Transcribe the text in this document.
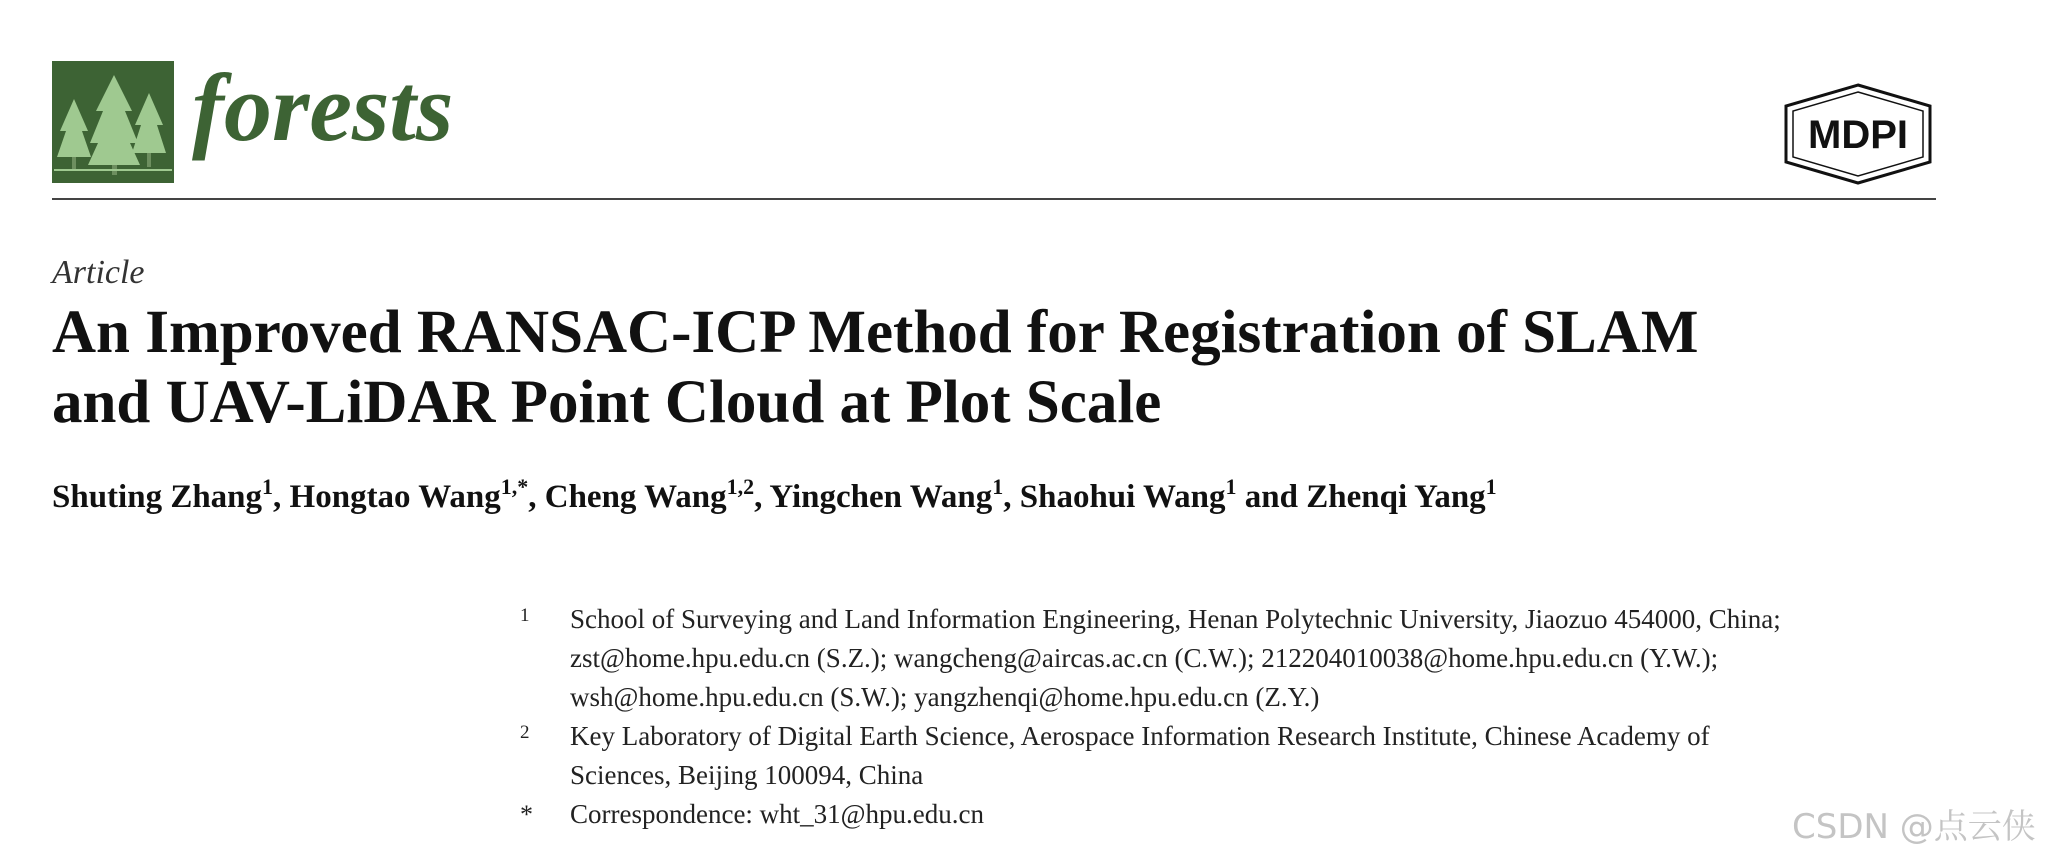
forests	MDPI
Article
An Improved RANSAC-ICP Method for Registration of SLAM
and UAV-LiDAR Point Cloud at Plot Scale
Shuting Zhang$^1$, Hongtao Wang$^{1,*}$, Cheng Wang$^{1,2}$, Yingchen Wang$^1$, Shaohui Wang$^1$ and Zhenqi Yang$^1$
1 School of Surveying and Land Information Engineering, Henan Polytechnic University, Jiaozuo 454000, China;
zst@home.hpu.edu.cn (S.Z.); wangcheng@aircas.ac.cn (C.W.); 212204010038@home.hpu.edu.cn (Y.W.);
wsh@home.hpu.edu.cn (S.W.); yangzhenqi@home.hpu.edu.cn (Z.Y.)
2 Key Laboratory of Digital Earth Science, Aerospace Information Research Institute, Chinese Academy of
Sciences, Beijing 100094, China
* Correspondence: wht_31@hpu.edu.cn	CSDN @点云侠
